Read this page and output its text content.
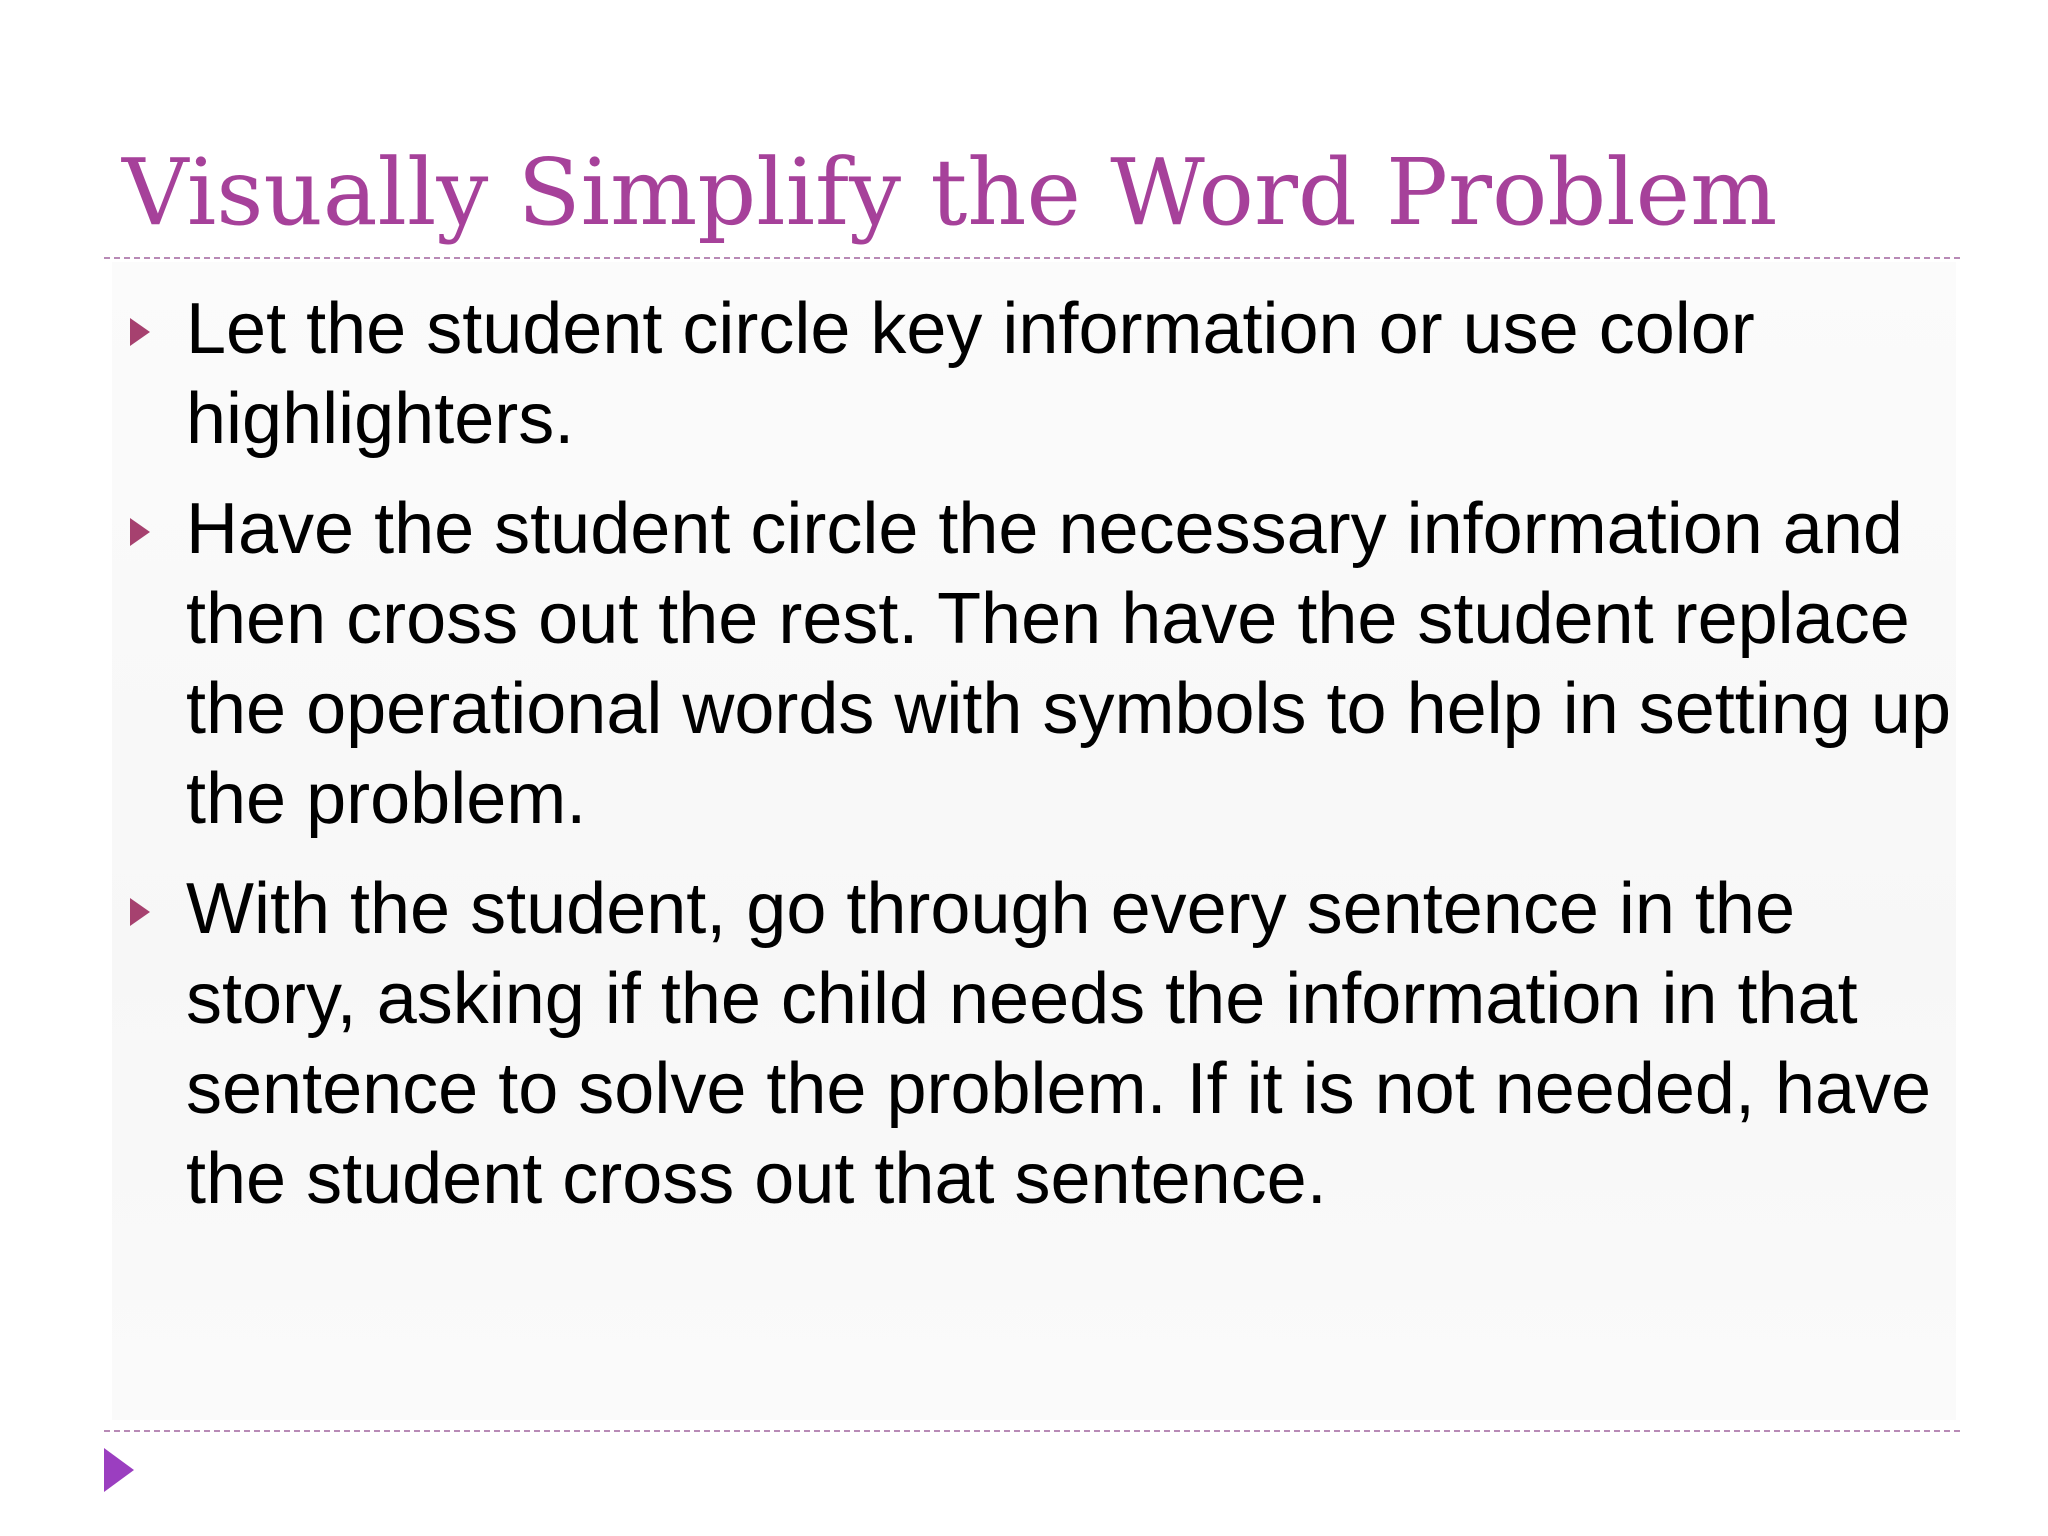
Visually Simplify the Word Problem
Let the student circle key information or use color highlighters.
Have the student circle the necessary information and then cross out the rest. Then have the student replace the operational words with symbols to help in setting up the problem.
With the student, go through every sentence in the story, asking if the child needs the information in that sentence to solve the problem. If it is not needed, have the student cross out that sentence.
